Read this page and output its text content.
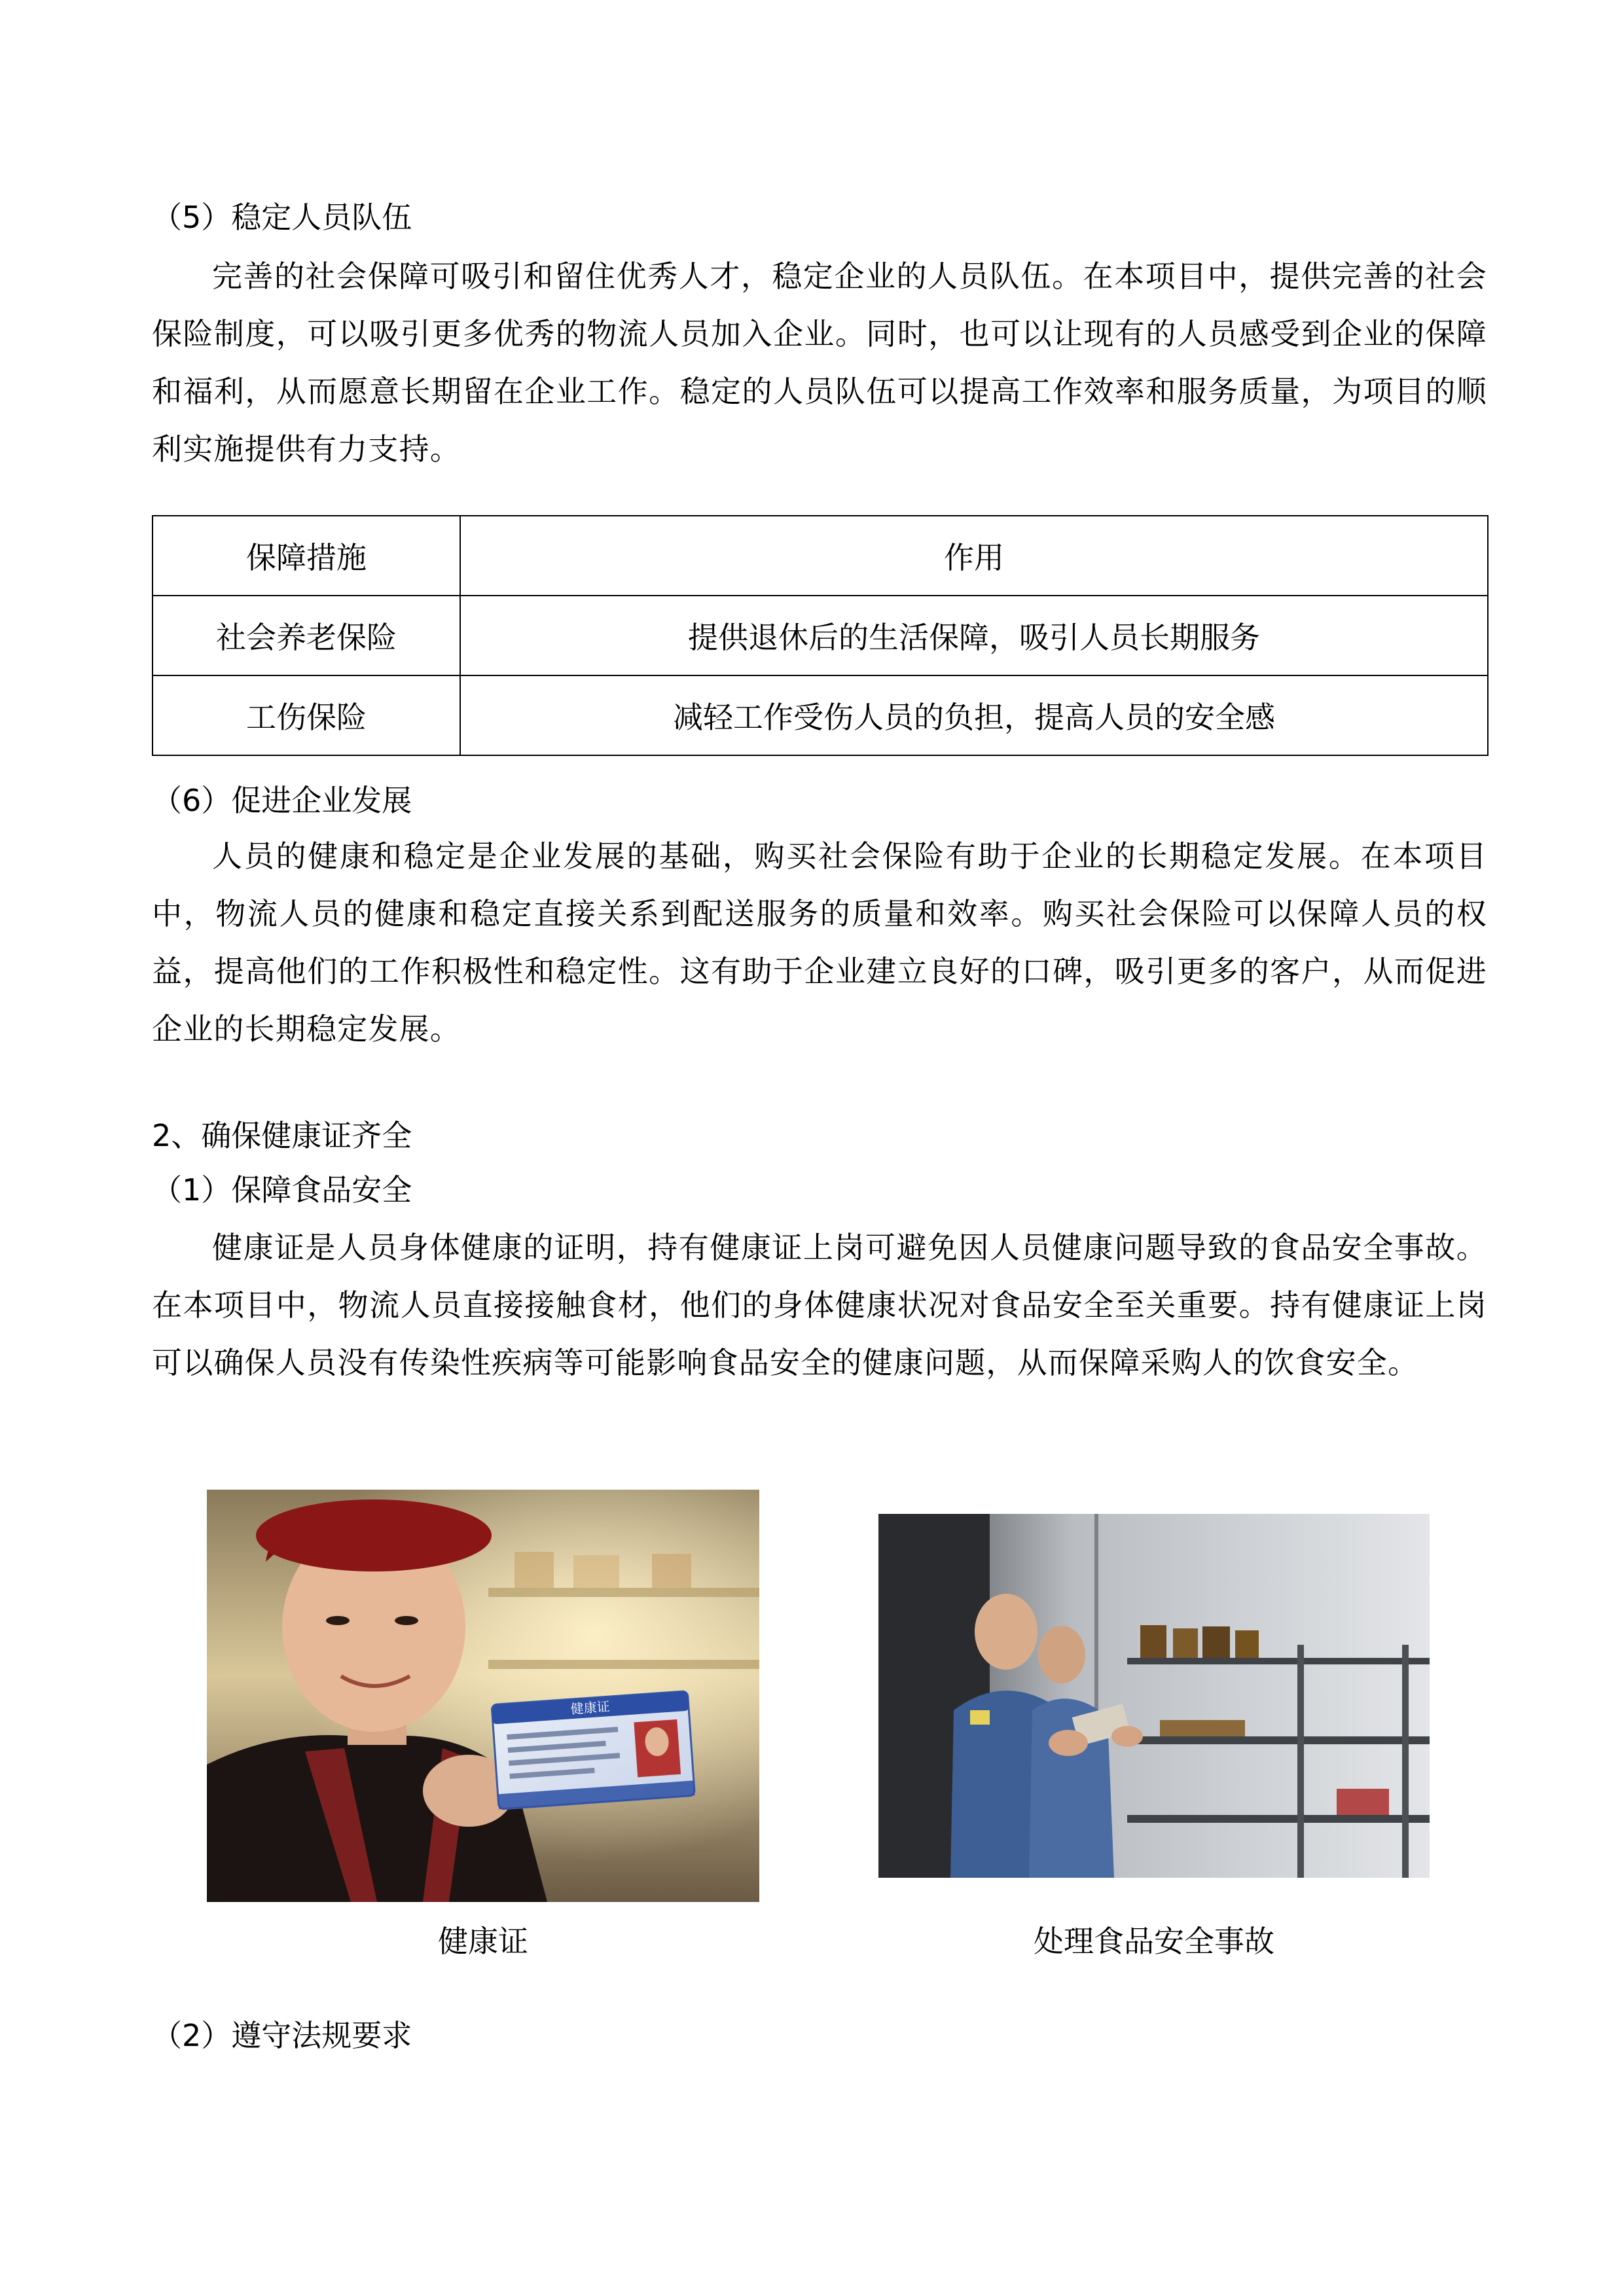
（5）稳定人员队伍

完善的社会保障可吸引和留住优秀人才，稳定企业的人员队伍。在本项目中，提供完善的社会保险制度，可以吸引更多优秀的物流人员加入企业。同时，也可以让现有的人员感受到企业的保障和福利，从而愿意长期留在企业工作。稳定的人员队伍可以提高工作效率和服务质量，为项目的顺利实施提供有力支持。

保障措施	作用
社会养老保险	提供退休后的生活保障，吸引人员长期服务
工伤保险	减轻工作受伤人员的负担，提高人员的安全感
（6）促进企业发展

人员的健康和稳定是企业发展的基础，购买社会保险有助于企业的长期稳定发展。在本项目中，物流人员的健康和稳定直接关系到配送服务的质量和效率。购买社会保险可以保障人员的权益，提高他们的工作积极性和稳定性。这有助于企业建立良好的口碑，吸引更多的客户，从而促进企业的长期稳定发展。

2、确保健康证齐全
（1）保障食品安全

健康证是人员身体健康的证明，持有健康证上岗可避免因人员健康问题导致的食品安全事故。在本项目中，物流人员直接接触食材，他们的身体健康状况对食品安全至关重要。持有健康证上岗可以确保人员没有传染性疾病等可能影响食品安全的健康问题，从而保障采购人的饮食安全。

健康证
健康证	处理食品安全事故
（2）遵守法规要求
